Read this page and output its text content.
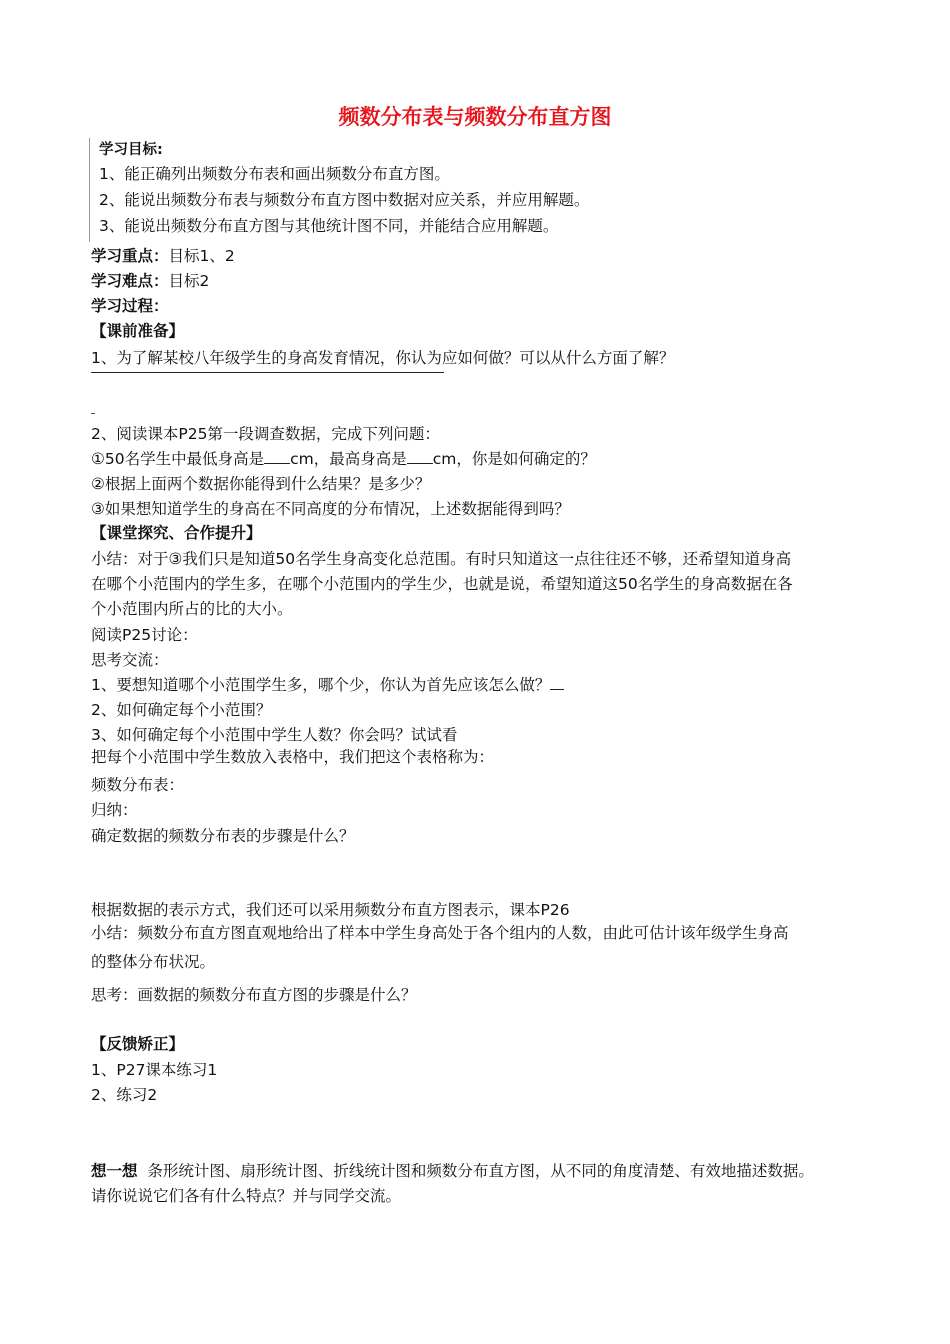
频数分布表与频数分布直方图
学习目标:
1、能正确列出频数分布表和画出频数分布直方图。
2、能说出频数分布表与频数分布直方图中数据对应关系，并应用解题。
3、能说出频数分布直方图与其他统计图不同，并能结合应用解题。
学习重点：目标1、2
学习难点：目标2
学习过程：
【课前准备】
1、为了解某校八年级学生的身高发育情况，你认为应如何做？可以从什么方面了解？
2、阅读课本P25第一段调查数据，完成下列问题：
①50名学生中最低身高是 cm，最高身高是 cm，你是如何确定的？
②根据上面两个数据你能得到什么结果？是多少？
③如果想知道学生的身高在不同高度的分布情况，上述数据能得到吗？
【课堂探究、合作提升】
小结：对于③我们只是知道50名学生身高变化总范围。有时只知道这一点往往还不够，还希望知道身高
在哪个小范围内的学生多，在哪个小范围内的学生少，也就是说，希望知道这50名学生的身高数据在各
个小范围内所占的比的大小。
阅读P25讨论：
思考交流：
1、要想知道哪个小范围学生多，哪个少，你认为首先应该怎么做？
2、如何确定每个小范围？
3、如何确定每个小范围中学生人数？你会吗？试试看
把每个小范围中学生数放入表格中，我们把这个表格称为：
频数分布表：
归纳：
确定数据的频数分布表的步骤是什么？
根据数据的表示方式，我们还可以采用频数分布直方图表示，课本P26
小结：频数分布直方图直观地给出了样本中学生身高处于各个组内的人数，由此可估计该年级学生身高
的整体分布状况。
思考：画数据的频数分布直方图的步骤是什么？
【反馈矫正】
1、P27课本练习1
2、练习2
想一想 条形统计图、扇形统计图、折线统计图和频数分布直方图，从不同的角度清楚、有效地描述数据。
请你说说它们各有什么特点？并与同学交流。
